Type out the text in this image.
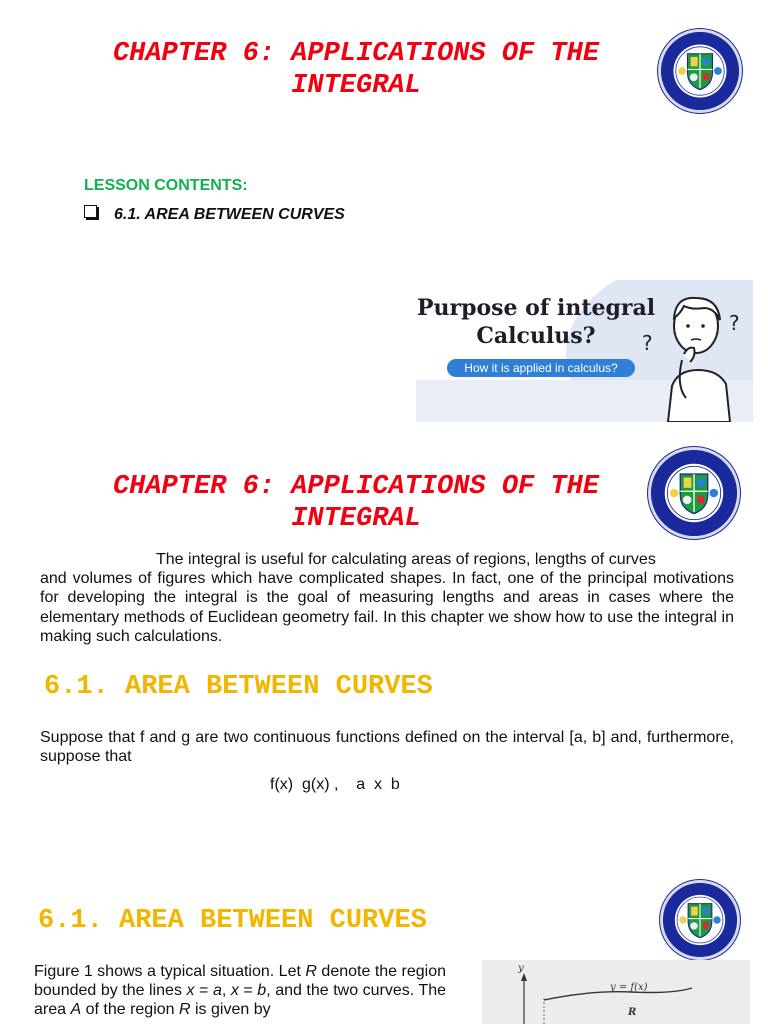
CHAPTER 6: APPLICATIONS OF THE
INTEGRAL
LESSON CONTENTS:
6.1. AREA BETWEEN CURVES
Purpose of integral
Calculus?
How it is applied in calculus?
?
?
CHAPTER 6: APPLICATIONS OF THE
INTEGRAL
The integral is useful for calculating areas of regions, lengths of curves
and volumes of figures which have complicated shapes. In fact, one of the principal motivations for developing the integral is the goal of measuring lengths and areas in cases where the elementary methods of Euclidean geometry fail. In this chapter we show how to use the integral in making such calculations.
6.1. AREA BETWEEN CURVES
Suppose that f and g are two continuous functions defined on the interval [a, b] and, furthermore, suppose that
f(x)  g(x) ,    a  x  b
6.1. AREA BETWEEN CURVES
Figure 1 shows a typical situation. Let R denote the region bounded by the lines x = a, x = b, and the two curves. The area A of the region R is given by
y
y = f(x)
R
